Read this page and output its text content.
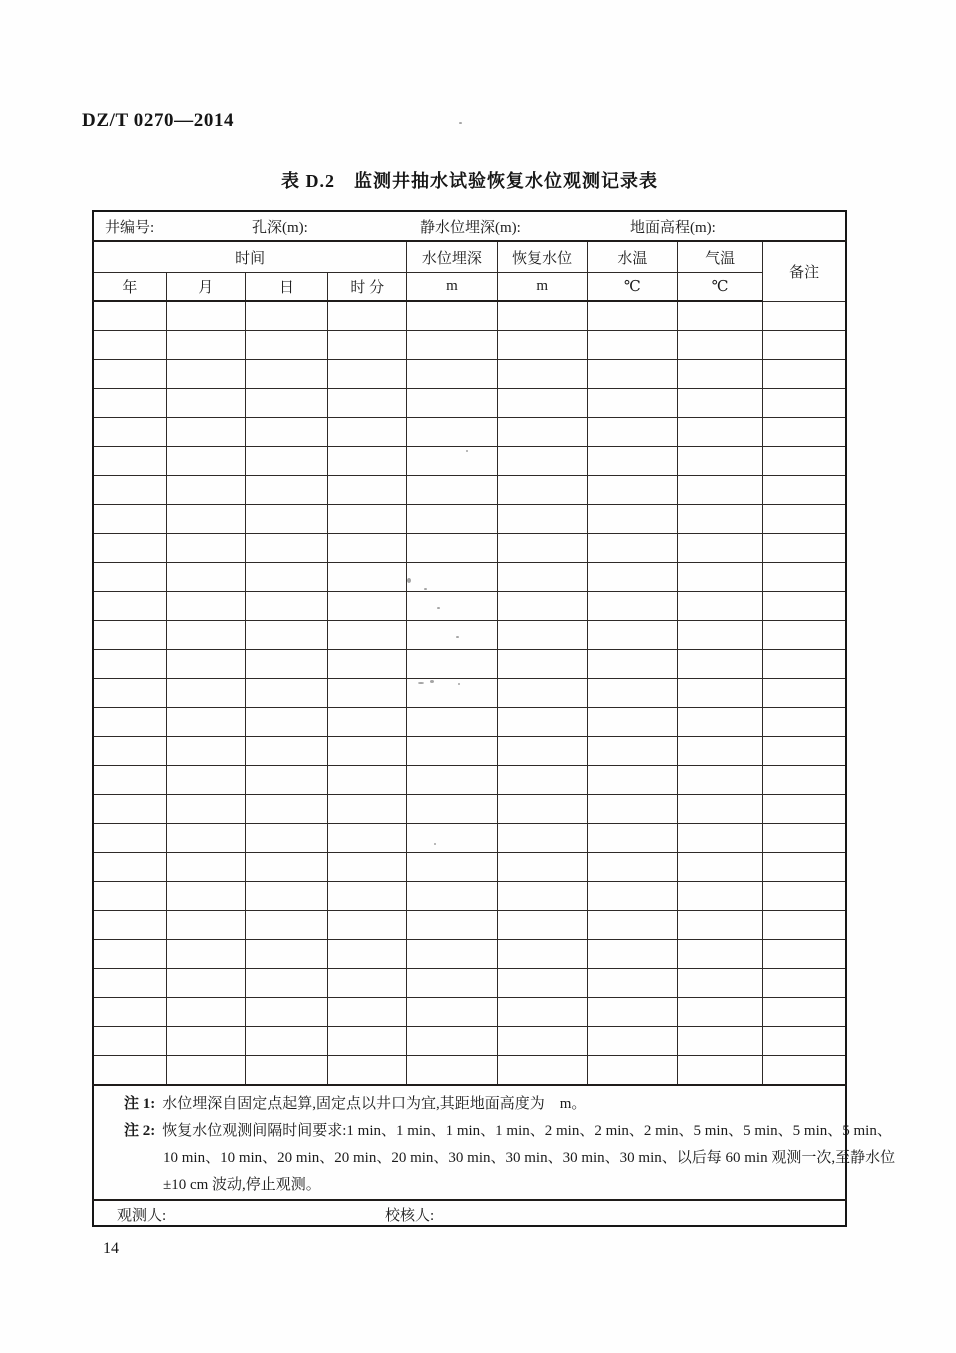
DZ/T 0270—2014
表 D.2　监测井抽水试验恢复水位观测记录表
井编号: 孔深(m): 静水位埋深(m): 地面高程(m):								

时间				水位埋深	恢复水位	水温	气温	备注
年	月	日	时 分	m	m	℃	℃	

注 1: 水位埋深自固定点起算,固定点以井口为宜,其距地面高度为　m。
注 2: 恢复水位观测间隔时间要求:1 min、1 min、1 min、1 min、2 min、2 min、2 min、5 min、5 min、5 min、5 min、
10 min、10 min、20 min、20 min、20 min、30 min、30 min、30 min、30 min、以后每 60 min 观测一次,至静水位
±10 cm 波动,停止观测。								

观测人: 校核人:								
14
